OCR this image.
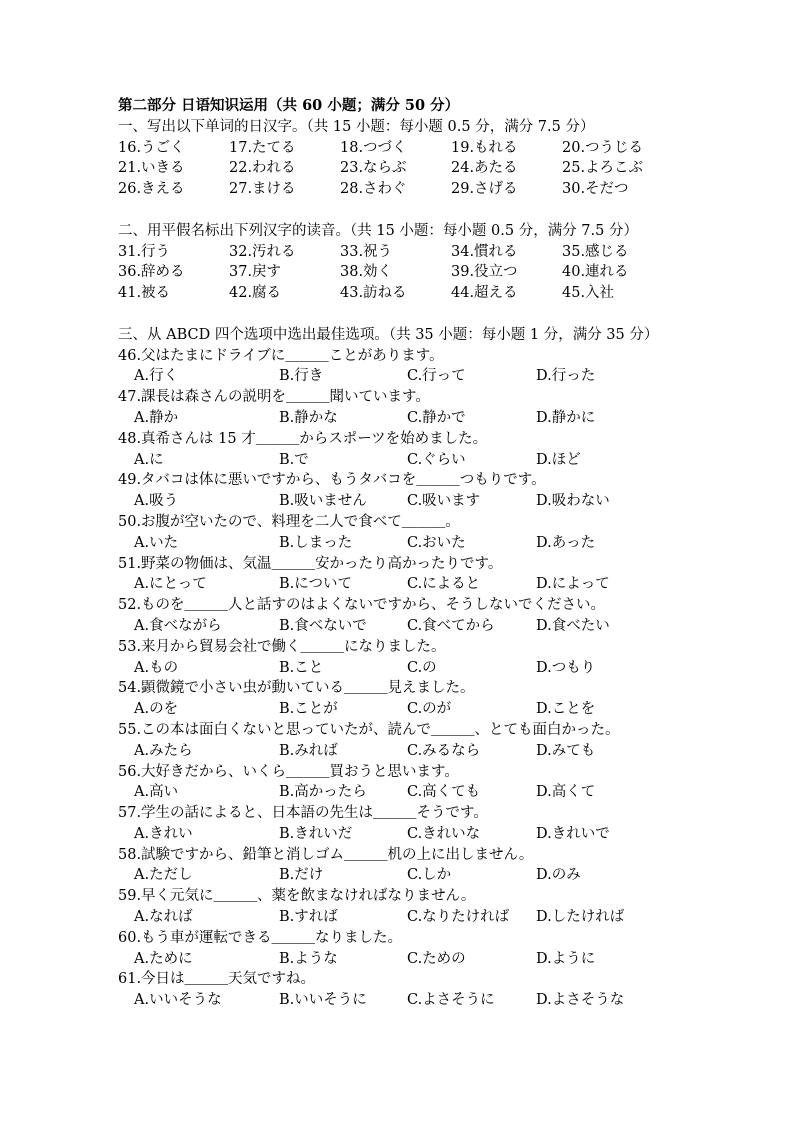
第二部分 日语知识运用（共 60 小题；满分 50 分）
一、写出以下单词的日汉字。（共 15 小题：每小题 0.5 分，满分 7.5 分）
16.うごく	17.たてる	18.つづく	19.もれる	20.つうじる
21.いきる	22.われる	23.ならぶ	24.あたる	25.よろこぶ
26.きえる	27.まける	28.さわぐ	29.さげる	30.そだつ
二、用平假名标出下列汉字的读音。（共 15 小题：每小题 0.5 分，满分 7.5 分）
31.行う	32.汚れる	33.祝う	34.慣れる	35.感じる
36.辞める	37.戻す	38.効く	39.役立つ	40.連れる
41.被る	42.腐る	43.訪ねる	44.超える	45.入社
三、从 ABCD 四个选项中选出最佳选项。（共 35 小题：每小题 1 分，满分 35 分）
46.父はたまにドライブに＿＿＿ことがあります。
A.行く	B.行き	C.行って	D.行った
47.課長は森さんの説明を＿＿＿聞いています。
A.静か	B.静かな	C.静かで	D.静かに
48.真希さんは 15 才＿＿＿からスポーツを始めました。
A.に	B.で	C.ぐらい	D.ほど
49.タバコは体に悪いですから、もうタバコを＿＿＿つもりです。
A.吸う	B.吸いません	C.吸います	D.吸わない
50.お腹が空いたので、料理を二人で食べて＿＿＿。
A.いた	B.しまった	C.おいた	D.あった
51.野菜の物価は、気温＿＿＿安かったり高かったりです。
A.にとって	B.について	C.によると	D.によって
52.ものを＿＿＿人と話すのはよくないですから、そうしないでください。
A.食べながら	B.食べないで	C.食べてから	D.食べたい
53.来月から貿易会社で働く＿＿＿になりました。
A.もの	B.こと	C.の	D.つもり
54.顕微鏡で小さい虫が動いている＿＿＿見えました。
A.のを	B.ことが	C.のが	D.ことを
55.この本は面白くないと思っていたが、読んで＿＿＿、とても面白かった。
A.みたら	B.みれば	C.みるなら	D.みても
56.大好きだから、いくら＿＿＿買おうと思います。
A.高い	B.高かったら	C.高くても	D.高くて
57.学生の話によると、日本語の先生は＿＿＿そうです。
A.きれい	B.きれいだ	C.きれいな	D.きれいで
58.試験ですから、鉛筆と消しゴム＿＿＿机の上に出しません。
A.ただし	B.だけ	C.しか	D.のみ
59.早く元気に＿＿＿、薬を飲まなければなりません。
A.なれば	B.すれば	C.なりたければ	D.したければ
60.もう車が運転できる＿＿＿なりました。
A.ために	B.ような	C.ための	D.ように
61.今日は＿＿＿天気ですね。
A.いいそうな	B.いいそうに	C.よさそうに	D.よさそうな
